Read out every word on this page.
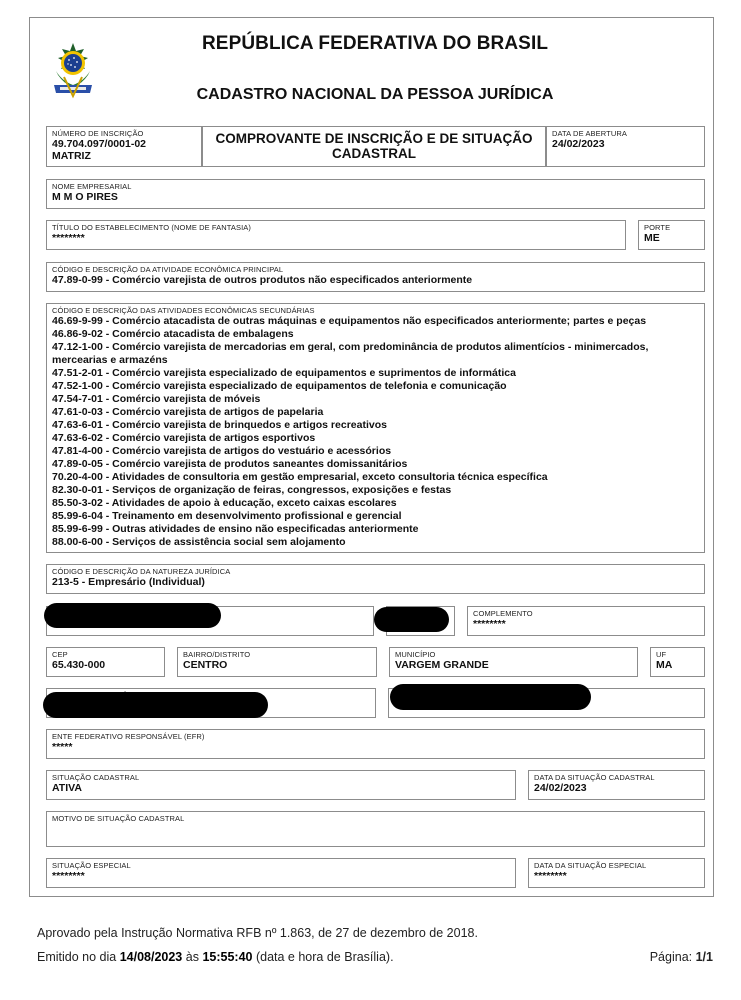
REPÚBLICA FEDERATIVA DO BRASIL
CADASTRO NACIONAL DA PESSOA JURÍDICA
NÚMERO DE INSCRIÇÃO
49.704.097/0001-02
MATRIZ
COMPROVANTE DE INSCRIÇÃO E DE SITUAÇÃO
CADASTRAL
DATA DE ABERTURA
24/02/2023
NOME EMPRESARIAL
M M O PIRES
TÍTULO DO ESTABELECIMENTO (NOME DE FANTASIA)
********
PORTE
ME
CÓDIGO E DESCRIÇÃO DA ATIVIDADE ECONÔMICA PRINCIPAL
47.89-0-99 - Comércio varejista de outros produtos não especificados anteriormente
CÓDIGO E DESCRIÇÃO DAS ATIVIDADES ECONÔMICAS SECUNDÁRIAS
46.69-9-99 - Comércio atacadista de outras máquinas e equipamentos não especificados anteriormente; partes e peças
46.86-9-02 - Comércio atacadista de embalagens
47.12-1-00 - Comércio varejista de mercadorias em geral, com predominância de produtos alimentícios - minimercados, mercearias e armazéns
47.51-2-01 - Comércio varejista especializado de equipamentos e suprimentos de informática
47.52-1-00 - Comércio varejista especializado de equipamentos de telefonia e comunicação
47.54-7-01 - Comércio varejista de móveis
47.61-0-03 - Comércio varejista de artigos de papelaria
47.63-6-01 - Comércio varejista de brinquedos e artigos recreativos
47.63-6-02 - Comércio varejista de artigos esportivos
47.81-4-00 - Comércio varejista de artigos do vestuário e acessórios
47.89-0-05 - Comércio varejista de produtos saneantes domissanitários
70.20-4-00 - Atividades de consultoria em gestão empresarial, exceto consultoria técnica específica
82.30-0-01 - Serviços de organização de feiras, congressos, exposições e festas
85.50-3-02 - Atividades de apoio à educação, exceto caixas escolares
85.99-6-04 - Treinamento em desenvolvimento profissional e gerencial
85.99-6-99 - Outras atividades de ensino não especificadas anteriormente
88.00-6-00 - Serviços de assistência social sem alojamento
CÓDIGO E DESCRIÇÃO DA NATUREZA JURÍDICA
213-5 - Empresário (Individual)
COMPLEMENTO
********
CEP
65.430-000
BAIRRO/DISTRITO
CENTRO
MUNICÍPIO
VARGEM GRANDE
UF
MA
ENTE FEDERATIVO RESPONSÁVEL (EFR)
*****
SITUAÇÃO CADASTRAL
ATIVA
DATA DA SITUAÇÃO CADASTRAL
24/02/2023
MOTIVO DE SITUAÇÃO CADASTRAL
SITUAÇÃO ESPECIAL
********
DATA DA SITUAÇÃO ESPECIAL
********
Aprovado pela Instrução Normativa RFB nº 1.863, de 27 de dezembro de 2018.
Emitido no dia 14/08/2023 às 15:55:40 (data e hora de Brasília).	Página: 1/1
